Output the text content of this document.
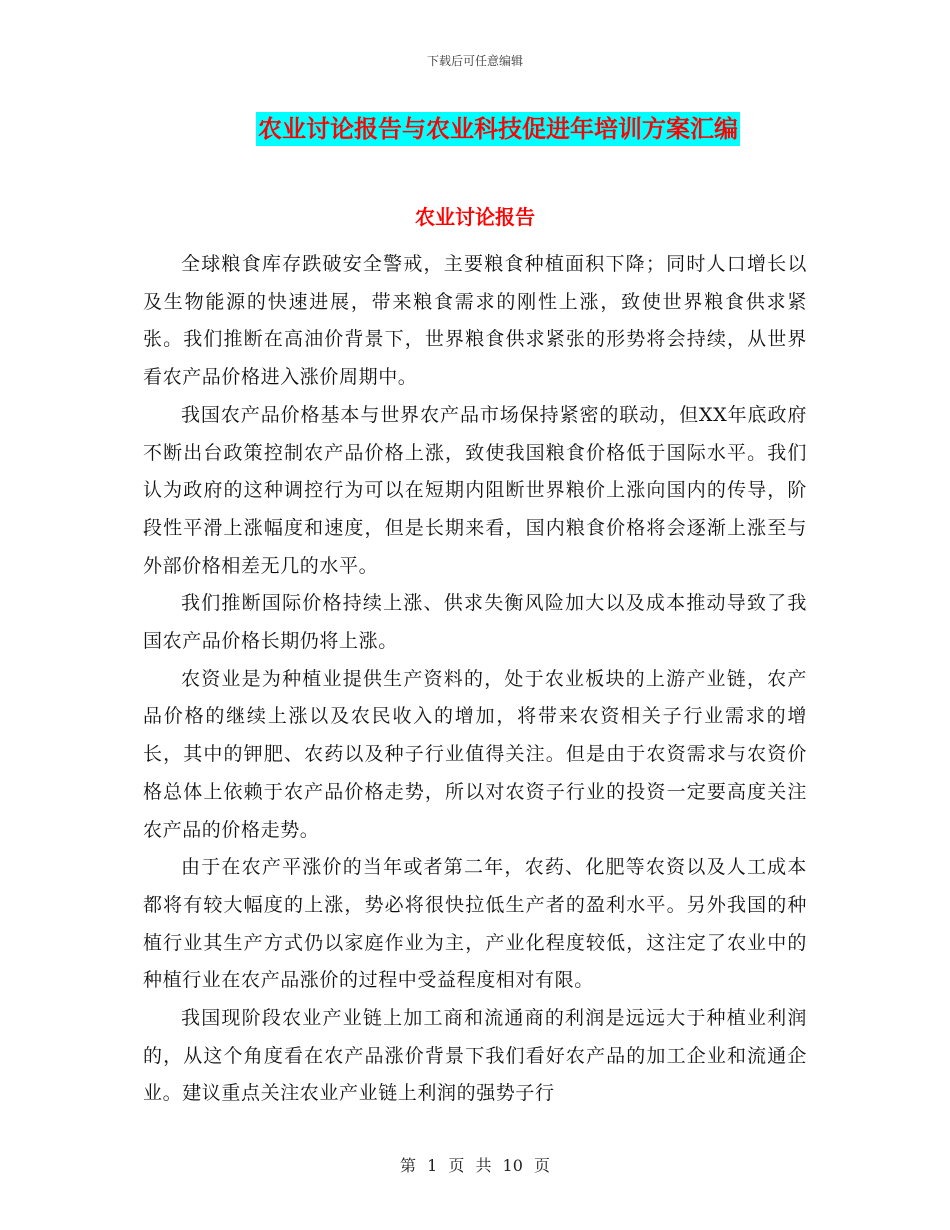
下载后可任意编辑
农业讨论报告与农业科技促进年培训方案汇编
农业讨论报告

全球粮食库存跌破安全警戒，主要粮食种植面积下降；同时人口增长以及生物能源的快速进展，带来粮食需求的刚性上涨，致使世界粮食供求紧张。我们推断在高油价背景下，世界粮食供求紧张的形势将会持续，从世界看农产品价格进入涨价周期中。

我国农产品价格基本与世界农产品市场保持紧密的联动，但XX年底政府不断出台政策控制农产品价格上涨，致使我国粮食价格低于国际水平。我们认为政府的这种调控行为可以在短期内阻断世界粮价上涨向国内的传导，阶段性平滑上涨幅度和速度，但是长期来看，国内粮食价格将会逐渐上涨至与外部价格相差无几的水平。

我们推断国际价格持续上涨、供求失衡风险加大以及成本推动导致了我国农产品价格长期仍将上涨。

农资业是为种植业提供生产资料的，处于农业板块的上游产业链，农产品价格的继续上涨以及农民收入的增加，将带来农资相关子行业需求的增长，其中的钾肥、农药以及种子行业值得关注。但是由于农资需求与农资价格总体上依赖于农产品价格走势，所以对农资子行业的投资一定要高度关注农产品的价格走势。

由于在农产平涨价的当年或者第二年，农药、化肥等农资以及人工成本都将有较大幅度的上涨，势必将很快拉低生产者的盈利水平。另外我国的种植行业其生产方式仍以家庭作业为主，产业化程度较低，这注定了农业中的种植行业在农产品涨价的过程中受益程度相对有限。

我国现阶段农业产业链上加工商和流通商的利润是远远大于种植业利润的，从这个角度看在农产品涨价背景下我们看好农产品的加工企业和流通企业。建议重点关注农业产业链上利润的强势子行

第 1 页 共 10 页
